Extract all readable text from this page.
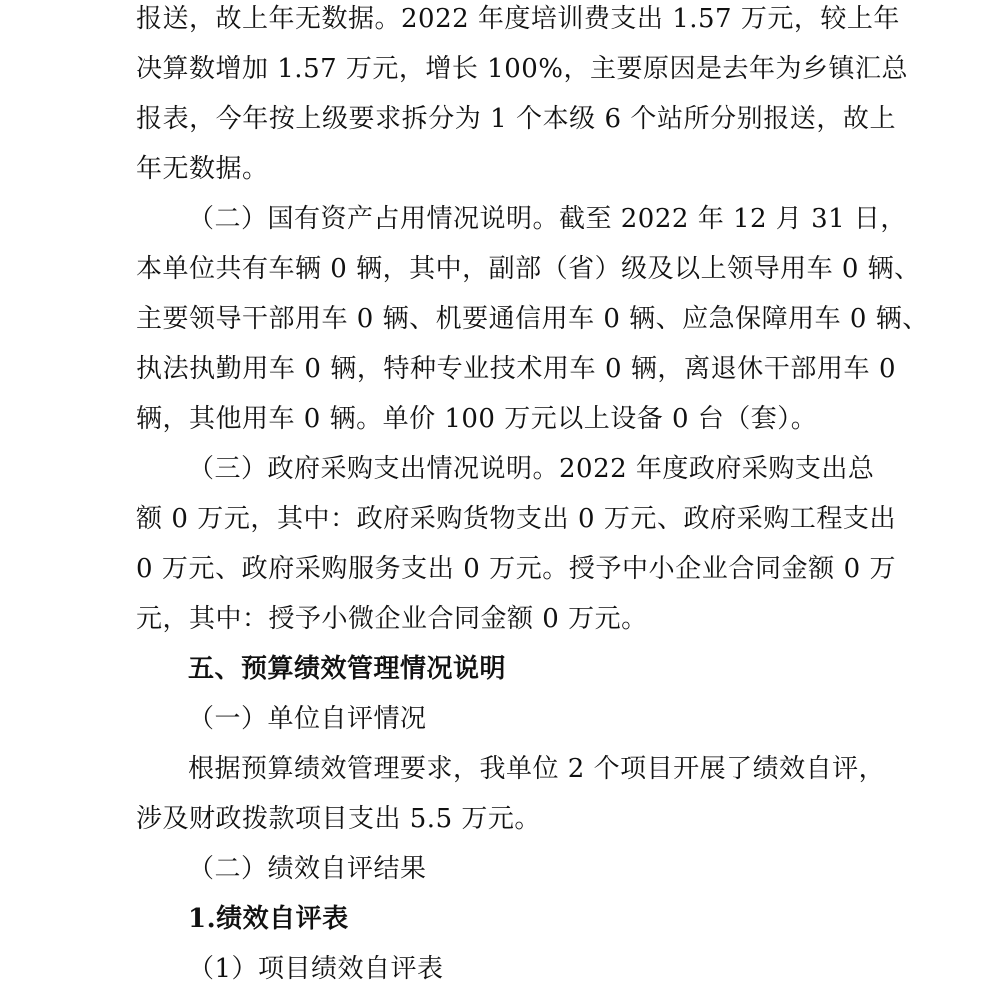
报送，故上年无数据。2022 年度培训费支出 1.57 万元，较上年
决算数增加 1.57 万元，增长 100%，主要原因是去年为乡镇汇总
报表，今年按上级要求拆分为 1 个本级 6 个站所分别报送，故上
年无数据。
（二）国有资产占用情况说明。截至 2022 年 12 月 31 日，
本单位共有车辆 0 辆，其中，副部（省）级及以上领导用车 0 辆、
主要领导干部用车 0 辆、机要通信用车 0 辆、应急保障用车 0 辆、
执法执勤用车 0 辆，特种专业技术用车 0 辆，离退休干部用车 0
辆，其他用车 0 辆。单价 100 万元以上设备 0 台（套）。
（三）政府采购支出情况说明。2022 年度政府采购支出总
额 0 万元，其中：政府采购货物支出 0 万元、政府采购工程支出
0 万元、政府采购服务支出 0 万元。授予中小企业合同金额 0 万
元，其中：授予小微企业合同金额 0 万元。
五、预算绩效管理情况说明
（一）单位自评情况
根据预算绩效管理要求，我单位 2 个项目开展了绩效自评，
涉及财政拨款项目支出 5.5 万元。
（二）绩效自评结果
1.绩效自评表
（1）项目绩效自评表
